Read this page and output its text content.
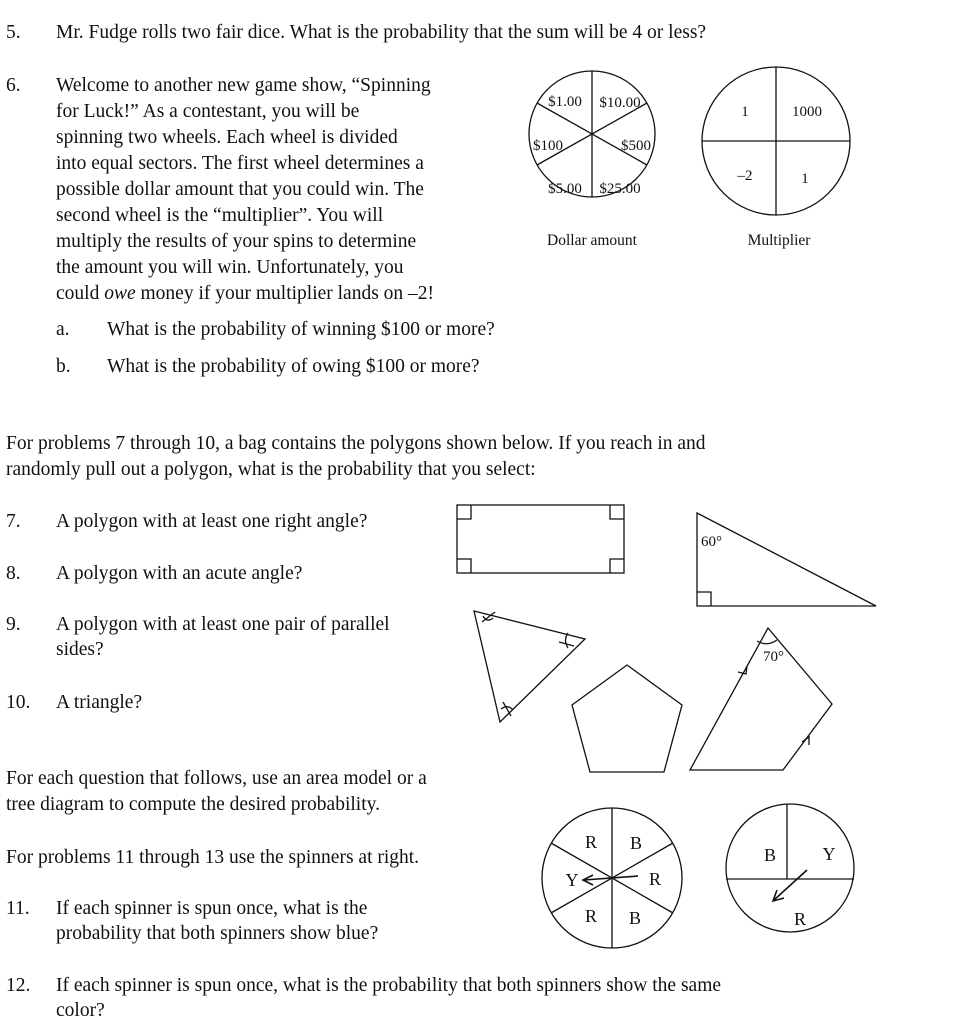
5. Mr. Fudge rolls two fair dice. What is the probability that the sum will be 4 or less?
6. Welcome to another new game show, “Spinning
for Luck!” As a contestant, you will be
spinning two wheels. Each wheel is divided
into equal sectors. The first wheel determines a
possible dollar amount that you could win. The
second wheel is the “multiplier”. You will
multiply the results of your spins to determine
the amount you will win. Unfortunately, you
could owe money if your multiplier lands on –2!
a. What is the probability of winning $100 or more?
b. What is the probability of owing $100 or more?
For problems 7 through 10, a bag contains the polygons shown below. If you reach in and
randomly pull out a polygon, what is the probability that you select:
7. A polygon with at least one right angle?
8. A polygon with an acute angle?
9. A polygon with at least one pair of parallel
sides?
10. A triangle?
For each question that follows, use an area model or a
tree diagram to compute the desired probability.
For problems 11 through 13 use the spinners at right.
11. If each spinner is spun once, what is the
probability that both spinners show blue?
12. If each spinner is spun once, what is the probability that both spinners show the same
color?
$1.00 $10.00
$500
$25.00
$5.00
$100
Dollar amount
1	1000
1
–2
Multiplier
60°
70°
R B
R
B
R
Y
B	Y
R
